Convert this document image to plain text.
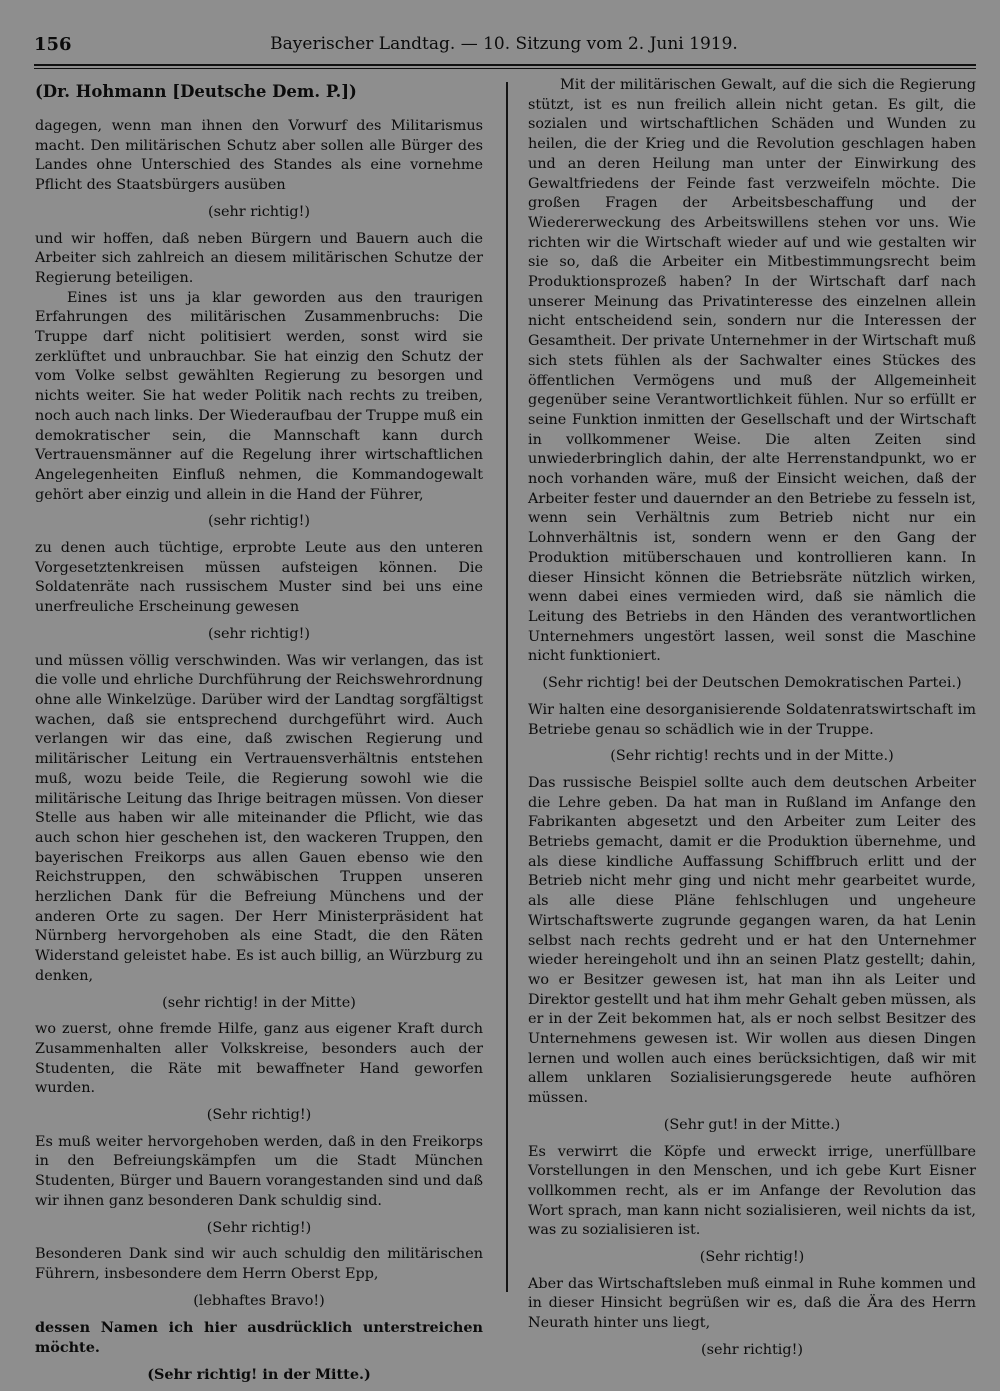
156	Bayerischer Landtag. — 10. Sitzung vom 2. Juni 1919.
(Dr. Hohmann [Deutsche Dem. P.])

dagegen, wenn man ihnen den Vorwurf des Militarismus macht. Den militärischen Schutz aber sollen alle Bürger des Landes ohne Unterschied des Standes als eine vornehme Pflicht des Staatsbürgers ausüben

(sehr richtig!)

und wir hoffen, daß neben Bürgern und Bauern auch die Arbeiter sich zahlreich an diesem militärischen Schutze der Regierung beteiligen.

Eines ist uns ja klar geworden aus den traurigen Erfahrungen des militärischen Zusammenbruchs: Die Truppe darf nicht politisiert werden, sonst wird sie zerklüftet und unbrauchbar. Sie hat einzig den Schutz der vom Volke selbst gewählten Regierung zu besorgen und nichts weiter. Sie hat weder Politik nach rechts zu treiben, noch auch nach links. Der Wiederaufbau der Truppe muß ein demokratischer sein, die Mannschaft kann durch Vertrauensmänner auf die Regelung ihrer wirtschaftlichen Angelegenheiten Einfluß nehmen, die Kommandogewalt gehört aber einzig und allein in die Hand der Führer,

(sehr richtig!)

zu denen auch tüchtige, erprobte Leute aus den unteren Vorgesetztenkreisen müssen aufsteigen können. Die Soldatenräte nach russischem Muster sind bei uns eine unerfreuliche Erscheinung gewesen

(sehr richtig!)

und müssen völlig verschwinden. Was wir verlangen, das ist die volle und ehrliche Durchführung der Reichswehrordnung ohne alle Winkelzüge. Darüber wird der Landtag sorgfältigst wachen, daß sie entsprechend durchgeführt wird. Auch verlangen wir das eine, daß zwischen Regierung und militärischer Leitung ein Vertrauensverhältnis entstehen muß, wozu beide Teile, die Regierung sowohl wie die militärische Leitung das Ihrige beitragen müssen. Von dieser Stelle aus haben wir alle miteinander die Pflicht, wie das auch schon hier geschehen ist, den wackeren Truppen, den bayerischen Freikorps aus allen Gauen ebenso wie den Reichstruppen, den schwäbischen Truppen unseren herzlichen Dank für die Befreiung Münchens und der anderen Orte zu sagen. Der Herr Ministerpräsident hat Nürnberg hervorgehoben als eine Stadt, die den Räten Widerstand geleistet habe. Es ist auch billig, an Würzburg zu denken,

(sehr richtig! in der Mitte)

wo zuerst, ohne fremde Hilfe, ganz aus eigener Kraft durch Zusammenhalten aller Volkskreise, besonders auch der Studenten, die Räte mit bewaffneter Hand geworfen wurden.

(Sehr richtig!)

Es muß weiter hervorgehoben werden, daß in den Freikorps in den Befreiungskämpfen um die Stadt München Studenten, Bürger und Bauern vorangestanden sind und daß wir ihnen ganz besonderen Dank schuldig sind.

(Sehr richtig!)

Besonderen Dank sind wir auch schuldig den militärischen Führern, insbesondere dem Herrn Oberst Epp,

(lebhaftes Bravo!)

dessen Namen ich hier ausdrücklich unterstreichen möchte.

(Sehr richtig! in der Mitte.)

Mit der militärischen Gewalt, auf die sich die Regierung stützt, ist es nun freilich allein nicht getan. Es gilt, die sozialen und wirtschaftlichen Schäden und Wunden zu heilen, die der Krieg und die Revolution geschlagen haben und an deren Heilung man unter der Einwirkung des Gewaltfriedens der Feinde fast verzweifeln möchte. Die großen Fragen der Arbeitsbeschaffung und der Wiedererweckung des Arbeitswillens stehen vor uns. Wie richten wir die Wirtschaft wieder auf und wie gestalten wir sie so, daß die Arbeiter ein Mitbestimmungsrecht beim Produktionsprozeß haben? In der Wirtschaft darf nach unserer Meinung das Privatinteresse des einzelnen allein nicht entscheidend sein, sondern nur die Interessen der Gesamtheit. Der private Unternehmer in der Wirtschaft muß sich stets fühlen als der Sachwalter eines Stückes des öffentlichen Vermögens und muß der Allgemeinheit gegenüber seine Verantwortlichkeit fühlen. Nur so erfüllt er seine Funktion inmitten der Gesellschaft und der Wirtschaft in vollkommener Weise. Die alten Zeiten sind unwiederbringlich dahin, der alte Herrenstandpunkt, wo er noch vorhanden wäre, muß der Einsicht weichen, daß der Arbeiter fester und dauernder an den Betriebe zu fesseln ist, wenn sein Verhältnis zum Betrieb nicht nur ein Lohnverhältnis ist, sondern wenn er den Gang der Produktion mitüberschauen und kontrollieren kann. In dieser Hinsicht können die Betriebsräte nützlich wirken, wenn dabei eines vermieden wird, daß sie nämlich die Leitung des Betriebs in den Händen des verantwortlichen Unternehmers ungestört lassen, weil sonst die Maschine nicht funktioniert.

(Sehr richtig! bei der Deutschen Demokratischen Partei.)

Wir halten eine desorganisierende Soldatenratswirtschaft im Betriebe genau so schädlich wie in der Truppe.

(Sehr richtig! rechts und in der Mitte.)

Das russische Beispiel sollte auch dem deutschen Arbeiter die Lehre geben. Da hat man in Rußland im Anfange den Fabrikanten abgesetzt und den Arbeiter zum Leiter des Betriebs gemacht, damit er die Produktion übernehme, und als diese kindliche Auffassung Schiffbruch erlitt und der Betrieb nicht mehr ging und nicht mehr gearbeitet wurde, als alle diese Pläne fehlschlugen und ungeheure Wirtschaftswerte zugrunde gegangen waren, da hat Lenin selbst nach rechts gedreht und er hat den Unternehmer wieder hereingeholt und ihn an seinen Platz gestellt; dahin, wo er Besitzer gewesen ist, hat man ihn als Leiter und Direktor gestellt und hat ihm mehr Gehalt geben müssen, als er in der Zeit bekommen hat, als er noch selbst Besitzer des Unternehmens gewesen ist. Wir wollen aus diesen Dingen lernen und wollen auch eines berücksichtigen, daß wir mit allem unklaren Sozialisierungsgerede heute aufhören müssen.

(Sehr gut! in der Mitte.)

Es verwirrt die Köpfe und erweckt irrige, unerfüllbare Vorstellungen in den Menschen, und ich gebe Kurt Eisner vollkommen recht, als er im Anfange der Revolution das Wort sprach, man kann nicht sozialisieren, weil nichts da ist, was zu sozialisieren ist.

(Sehr richtig!)

Aber das Wirtschaftsleben muß einmal in Ruhe kommen und in dieser Hinsicht begrüßen wir es, daß die Ära des Herrn Neurath hinter uns liegt,

(sehr richtig!)
